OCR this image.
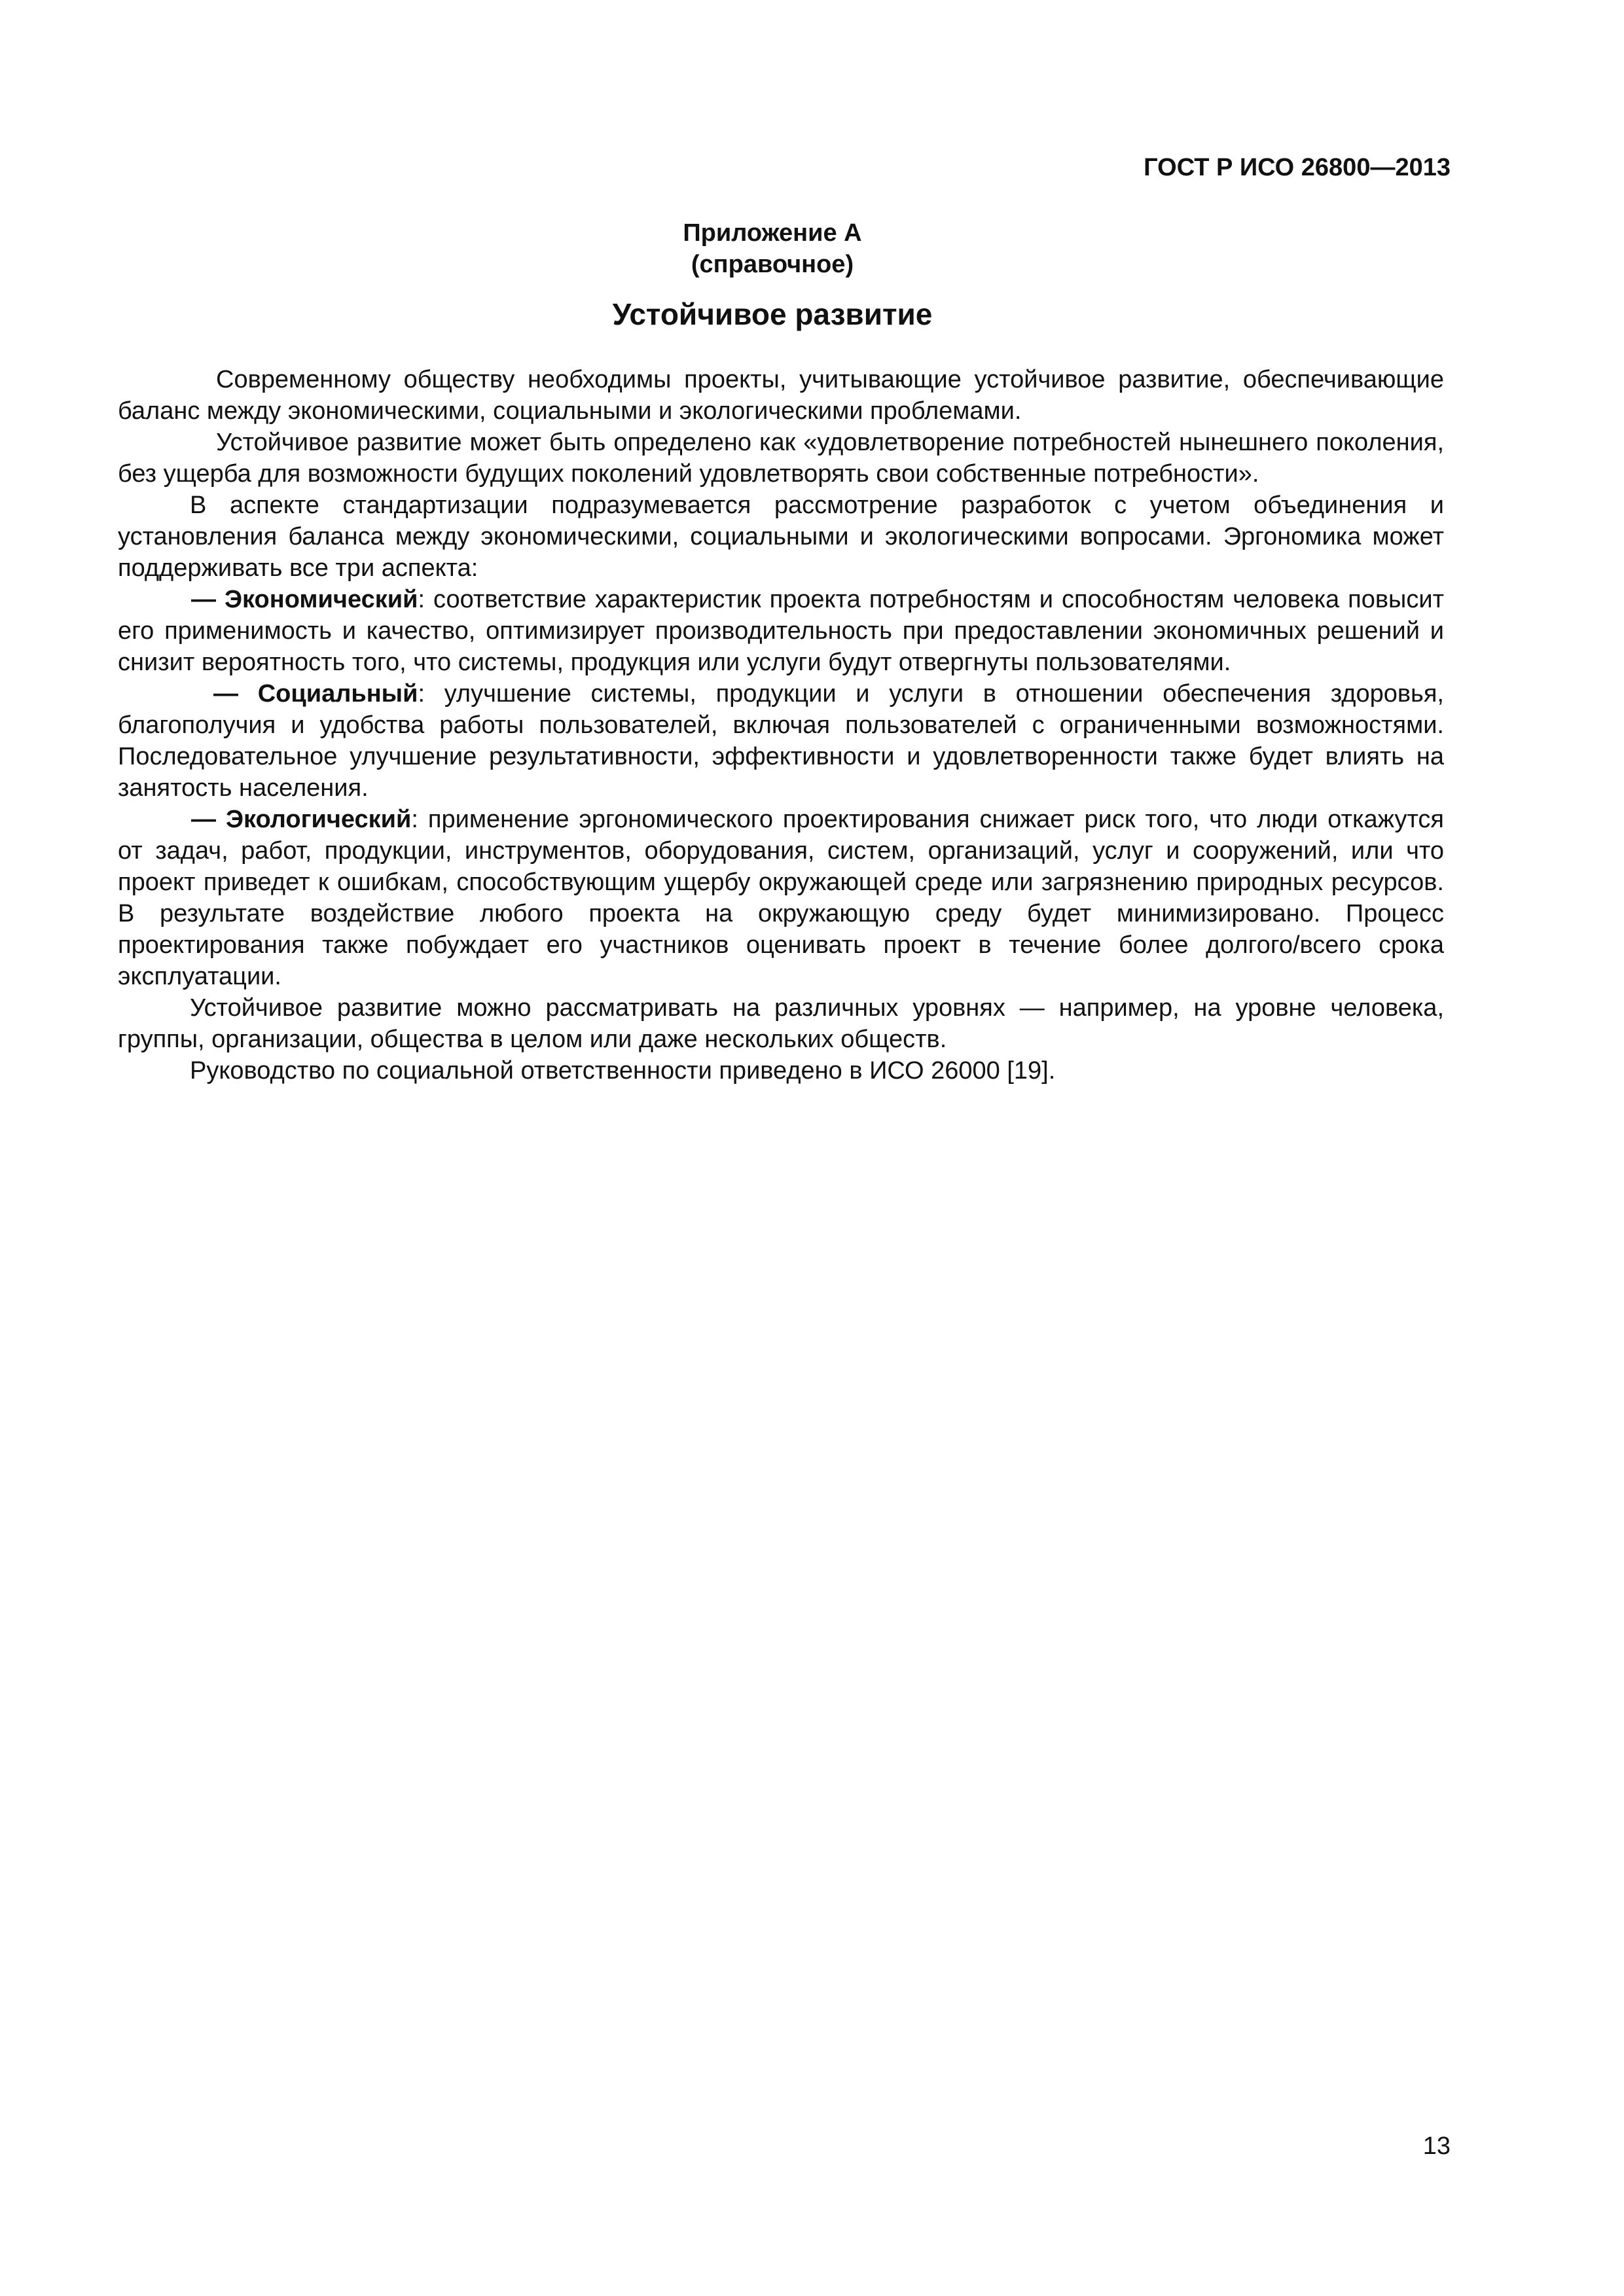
ГОСТ Р ИСО 26800—2013
Приложение А
(справочное)
Устойчивое развитие

Современному обществу необходимы проекты, учитывающие устойчивое развитие, обеспечивающие баланс между экономическими, социальными и экологическими проблемами.

Устойчивое развитие может быть определено как «удовлетворение потребностей нынешнего поколения, без ущерба для возможности будущих поколений удовлетворять свои собственные потребности».

В аспекте стандартизации подразумевается рассмотрение разработок с учетом объединения и установления баланса между экономическими, социальными и экологическими вопросами. Эргономика может поддерживать все три аспекта:

— Экономический: соответствие характеристик проекта потребностям и способностям человека повысит его применимость и качество, оптимизирует производительность при предоставлении экономичных решений и снизит вероятность того, что системы, продукция или услуги будут отвергнуты пользователями.

— Социальный: улучшение системы, продукции и услуги в отношении обеспечения здоровья, благополучия и удобства работы пользователей, включая пользователей с ограниченными возможностями. Последовательное улучшение результативности, эффективности и удовлетворенности также будет влиять на занятость населения.

— Экологический: применение эргономического проектирования снижает риск того, что люди откажутся от задач, работ, продукции, инструментов, оборудования, систем, организаций, услуг и сооружений, или что проект приведет к ошибкам, способствующим ущербу окружающей среде или загрязнению природных ресурсов. В результате воздействие любого проекта на окружающую среду будет минимизировано. Процесс проектирования также побуждает его участников оценивать проект в течение более долгого/всего срока эксплуатации.

Устойчивое развитие можно рассматривать на различных уровнях — например, на уровне человека, группы, организации, общества в целом или даже нескольких обществ.

Руководство по социальной ответственности приведено в ИСО 26000 [19].

13
